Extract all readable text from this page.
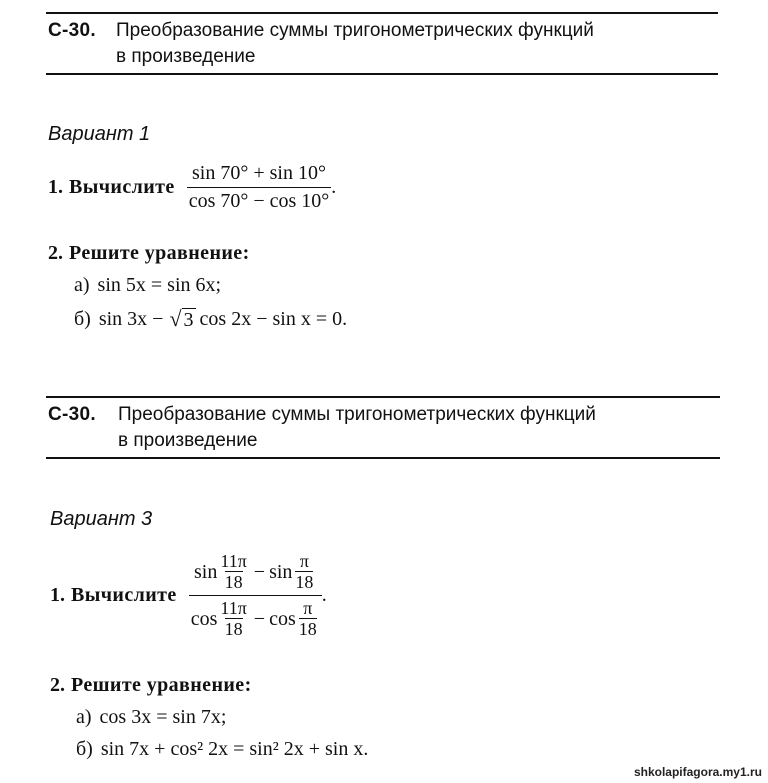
С-30. Преобразование суммы тригонометрических функций
в произведение
Вариант 1
1. Вычислите $\frac{\sin 70^\circ + \sin 10^\circ}{\cos 70^\circ - \cos 10^\circ}$ .
2. Решите уравнение:
а) sin 5x = sin 6x;
б) sin 3x − √ 3 cos 2x − sin x = 0.
С-30. Преобразование суммы тригонометрических функций
в произведение
Вариант 3
1. Вычислите $\frac{\sin \frac{11\pi}{18} - \sin \frac{\pi}{18}}{\cos \frac{11\pi}{18} - \cos \frac{\pi}{18}}$ .
2. Решите уравнение:
а) cos 3x = sin 7x;
б) sin 7x + cos² 2x = sin² 2x + sin x.
shkolapifagora.my1.ru
